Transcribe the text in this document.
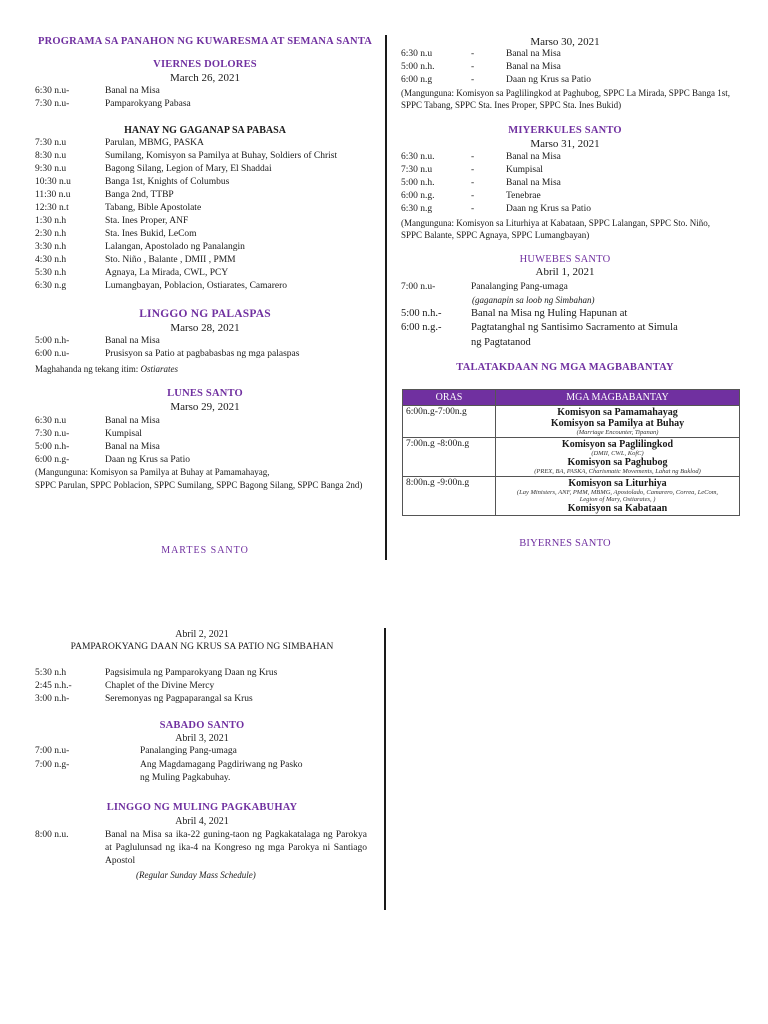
PROGRAMA SA PANAHON NG KUWARESMA AT SEMANA SANTA
VIERNES DOLORES
March 26, 2021
6:30 n.u-	Banal na Misa
7:30 n.u-	Pamparokyang Pabasa
HANAY NG GAGANAP SA PABASA
7:30 n.u	Parulan, MBMG, PASKA
8:30 n.u	Sumilang, Komisyon sa Pamilya at Buhay, Soldiers of Christ
9:30 n.u	Bagong Silang, Legion of Mary, El Shaddai
10:30 n.u	Banga 1st, Knights of Columbus
11:30 n.u	Banga 2nd, TTBP
12:30 n.t	Tabang, Bible Apostolate
1:30 n.h	Sta. Ines Proper, ANF
2:30 n.h	Sta. Ines Bukid, LeCom
3:30 n.h	Lalangan, Apostolado ng Panalangin
4:30 n.h	Sto. Niño , Balante , DMII , PMM
5:30 n.h	Agnaya, La Mirada, CWL, PCY
6:30 n.g	Lumangbayan, Poblacion, Ostiarates, Camarero
LINGGO NG PALASPAS
Marso 28, 2021
5:00 n.h-	Banal na Misa
6:00 n.u-	Prusisyon sa Patio at pagbabasbas ng mga palaspas
Maghahanda ng tekang itim: Ostiarates
LUNES SANTO
Marso 29, 2021
6:30 n.u	Banal na Misa
7:30 n.u-	Kumpisal
5:00 n.h-	Banal na Misa
6:00 n.g-	Daan ng Krus sa Patio
(Mangunguna: Komisyon sa Pamilya at Buhay at Pamamahayag,
SPPC Parulan, SPPC Poblacion, SPPC Sumilang, SPPC Bagong Silang, SPPC Banga 2nd)
MARTES SANTO
Marso 30, 2021
6:30 n.u	-	Banal na Misa
5:00 n.h.	-	Banal na Misa
6:00 n.g	-	Daan ng Krus sa Patio
(Mangunguna: Komisyon sa Paglilingkod at Paghubog, SPPC La Mirada, SPPC Banga 1st,
SPPC Tabang, SPPC Sta. Ines Proper, SPPC Sta. Ines Bukid)
MIYERKULES SANTO
Marso 31, 2021
6:30 n.u.	-	Banal na Misa
7:30 n.u	-	Kumpisal
5:00 n.h.	-	Banal na Misa
6:00 n.g.	-	Tenebrae
6:30 n.g	-	Daan ng Krus sa Patio
(Mangunguna: Komisyon sa Liturhiya at Kabataan, SPPC Lalangan, SPPC Sto. Niño,
SPPC Balante, SPPC Agnaya, SPPC Lumangbayan)
HUWEBES SANTO
Abril 1, 2021
7:00 n.u-	Panalanging Pang-umaga
(gaganapin sa loob ng Simbahan)
5:00 n.h.-	Banal na Misa ng Huling Hapunan at
6:00 n.g.-	Pagtatanghal ng Santisimo Sacramento at Simula
ng Pagtatanod
TALATAKDAAN NG MGA MAGBABANTAY
ORAS	MGA MAGBABANTAY
6:00n.g-7:00n.g	Komisyon sa Pamamahayag
Komisyon sa Pamilya at Buhay
(Marriage Encounter, Tipanan)

7:00n.g -8:00n.g	Komisyon sa Paglilingkod
(DMII, CWL, KofC)
Komisyon sa Paghubog
(PREX, BA, PASKA, Charismatic Movements, Lahat ng Buklod)

8:00n.g -9:00n.g	Komisyon sa Liturhiya
(Lay Ministers, ANF, PMM, MBMG, Apostolado, Camarero, Correa, LeCom,
Legion of Mary, Ostiarates, )
Komisyon sa Kabataan
BIYERNES SANTO
Abril 2, 2021
PAMPAROKYANG DAAN NG KRUS SA PATIO NG SIMBAHAN
5:30 n.h	Pagsisimula ng Pamparokyang Daan ng Krus
2:45 n.h.-	Chaplet of the Divine Mercy
3:00 n.h-	Seremonyas ng Pagpaparangal sa Krus
SABADO SANTO
Abril 3, 2021
7:00 n.u-	Panalanging Pang-umaga
7:00 n.g-	Ang Magdamagang Pagdiriwang ng Pasko
ng Muling Pagkabuhay.
LINGGO NG MULING PAGKABUHAY
Abril 4, 2021
8:00 n.u.	Banal na Misa sa ika-22 guning-taon ng Pagkakatalaga ng Parokya at Paglulunsad ng ika-4 na Kongreso ng mga Parokya ni Santiago Apostol
(Regular Sunday Mass Schedule)
